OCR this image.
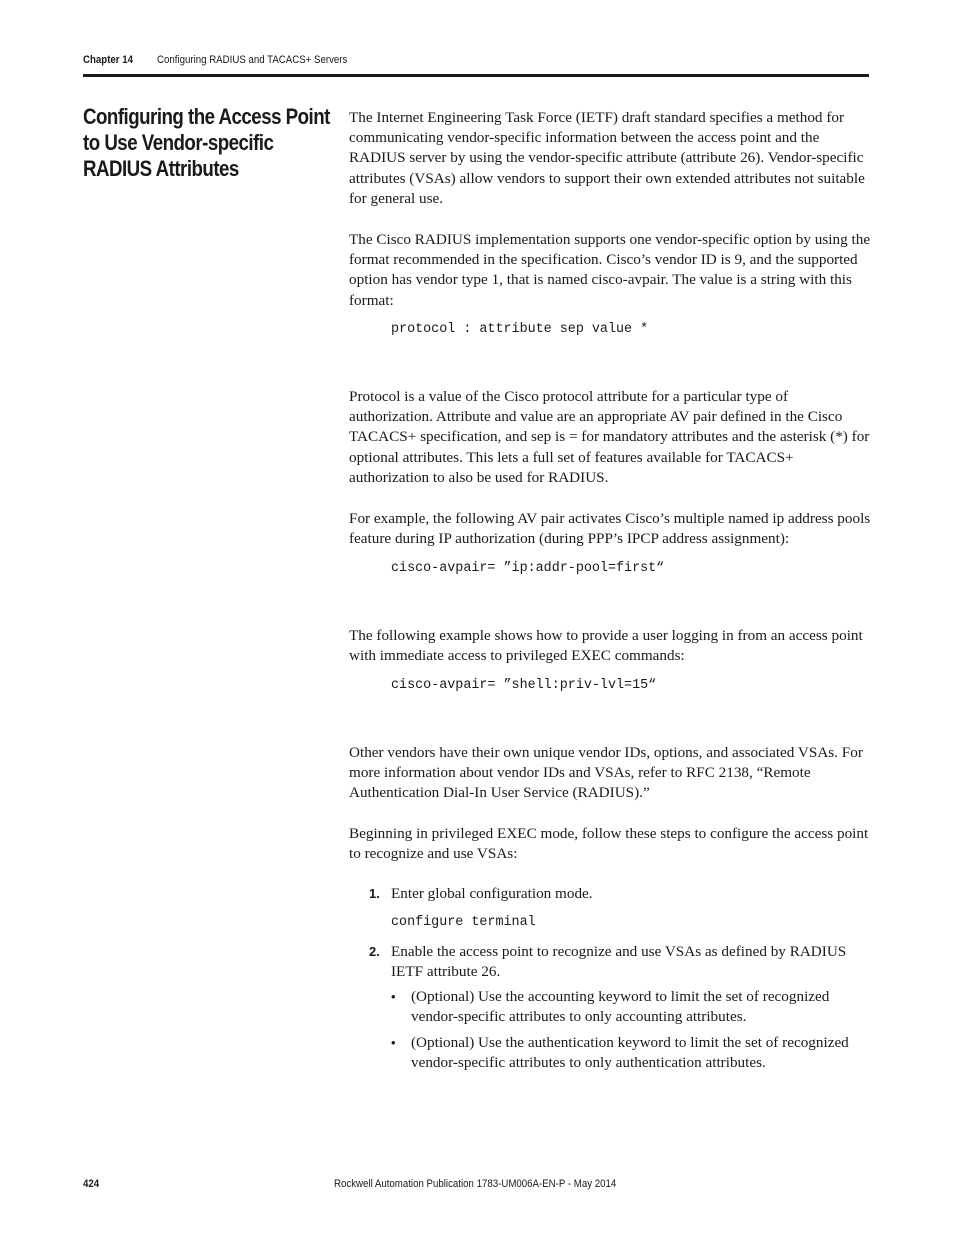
Chapter 14 Configuring RADIUS and TACACS+ Servers
Configuring the Access Point to Use Vendor-specific RADIUS Attributes

The Internet Engineering Task Force (IETF) draft standard specifies a method for communicating vendor-specific information between the access point and the RADIUS server by using the vendor-specific attribute (attribute 26). Vendor-specific attributes (VSAs) allow vendors to support their own extended attributes not suitable for general use.

The Cisco RADIUS implementation supports one vendor-specific option by using the format recommended in the specification. Cisco’s vendor ID is 9, and the supported option has vendor type 1, that is named cisco-avpair. The value is a string with this format:

protocol : attribute sep value *

Protocol is a value of the Cisco protocol attribute for a particular type of authorization. Attribute and value are an appropriate AV pair defined in the Cisco TACACS+ specification, and sep is = for mandatory attributes and the asterisk (*) for optional attributes. This lets a full set of features available for TACACS+ authorization to also be used for RADIUS.

For example, the following AV pair activates Cisco’s multiple named ip address pools feature during IP authorization (during PPP’s IPCP address assignment):

cisco-avpair= ”ip:addr-pool=first“

The following example shows how to provide a user logging in from an access point with immediate access to privileged EXEC commands:

cisco-avpair= ”shell:priv-lvl=15“

Other vendors have their own unique vendor IDs, options, and associated VSAs. For more information about vendor IDs and VSAs, refer to RFC 2138, “Remote Authentication Dial-In User Service (RADIUS).”

Beginning in privileged EXEC mode, follow these steps to configure the access point to recognize and use VSAs:

1. Enter global configuration mode.
configure terminal
2. Enable the access point to recognize and use VSAs as defined by RADIUS IETF attribute 26.
• (Optional) Use the accounting keyword to limit the set of recognized vendor-specific attributes to only accounting attributes.
• (Optional) Use the authentication keyword to limit the set of recognized vendor-specific attributes to only authentication attributes.
424	Rockwell Automation Publication 1783-UM006A-EN-P - May 2014
